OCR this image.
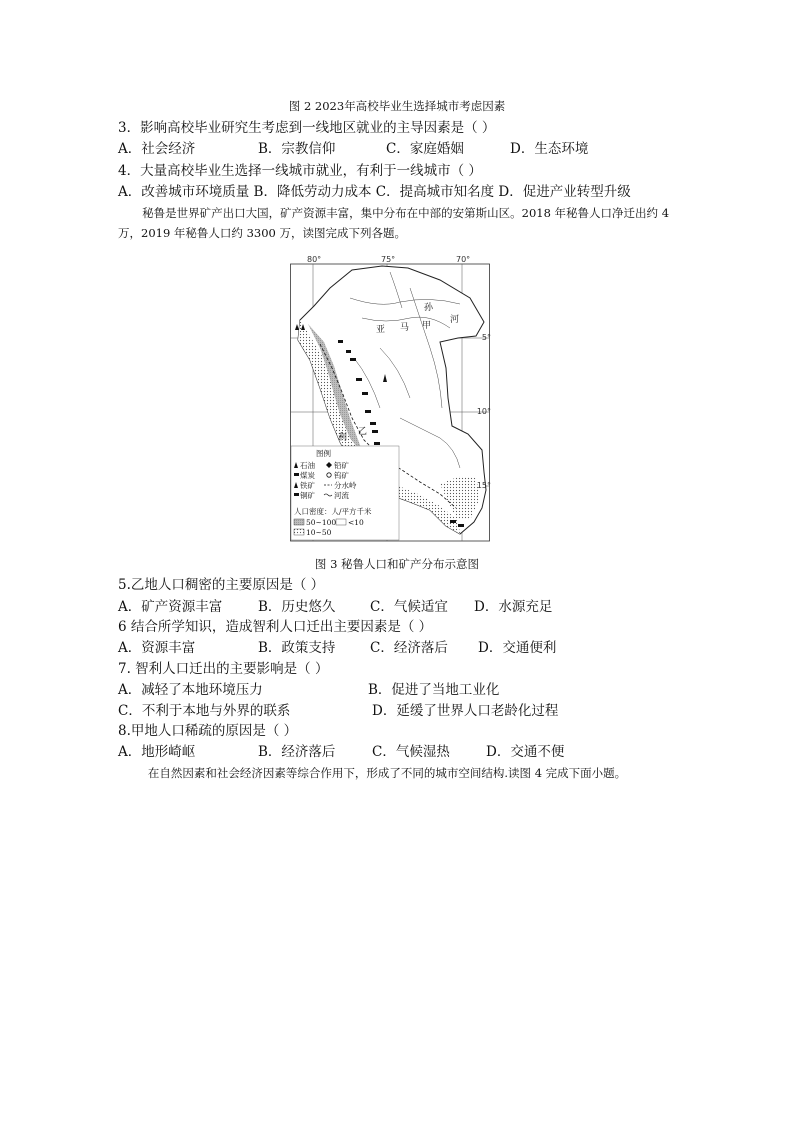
图 2 2023年高校毕业生选择城市考虑因素
3．影响高校毕业研究生考虑到一线地区就业的主导因素是（ ）
A．社会经济	B．宗教信仰	C．家庭婚姻	D．生态环境
4．大量高校毕业生选择一线城市就业，有利于一线城市（ ）
A．改善城市环境质量 B．降低劳动力成本 C．提高城市知名度 D．促进产业转型升级
秘鲁是世界矿产出口大国，矿产资源丰富，集中分布在中部的安第斯山区。2018 年秘鲁人口净迁出约 4 万，2019 年秘鲁人口约 3300 万，读图完成下列各题。
80°	75°	70°
5°
10°
15°
孙
河
亚 马 甲
乙
利
图例
石油	铅矿
煤炭	钨矿
铁矿	分水岭
铜矿	河流
人口密度：人/平方千米
50~100 <10
10~50
图 3 秘鲁人口和矿产分布示意图
5.乙地人口稠密的主要原因是（ ）
A．矿产资源丰富	B．历史悠久	C．气候适宜 D．水源充足
6 结合所学知识，造成智利人口迁出主要因素是（ ）
A．资源丰富	B．政策支持	C．经济落后 D．交通便利
7. 智利人口迁出的主要影响是（ ）
A．减轻了本地环境压力	B．促进了当地工业化
C．不利于本地与外界的联系	D．延缓了世界人口老龄化过程
8.甲地人口稀疏的原因是（ ）
A．地形崎岖	B．经济落后	C．气候湿热	D．交通不便
在自然因素和社会经济因素等综合作用下，形成了不同的城市空间结构.读图 4 完成下面小题。
